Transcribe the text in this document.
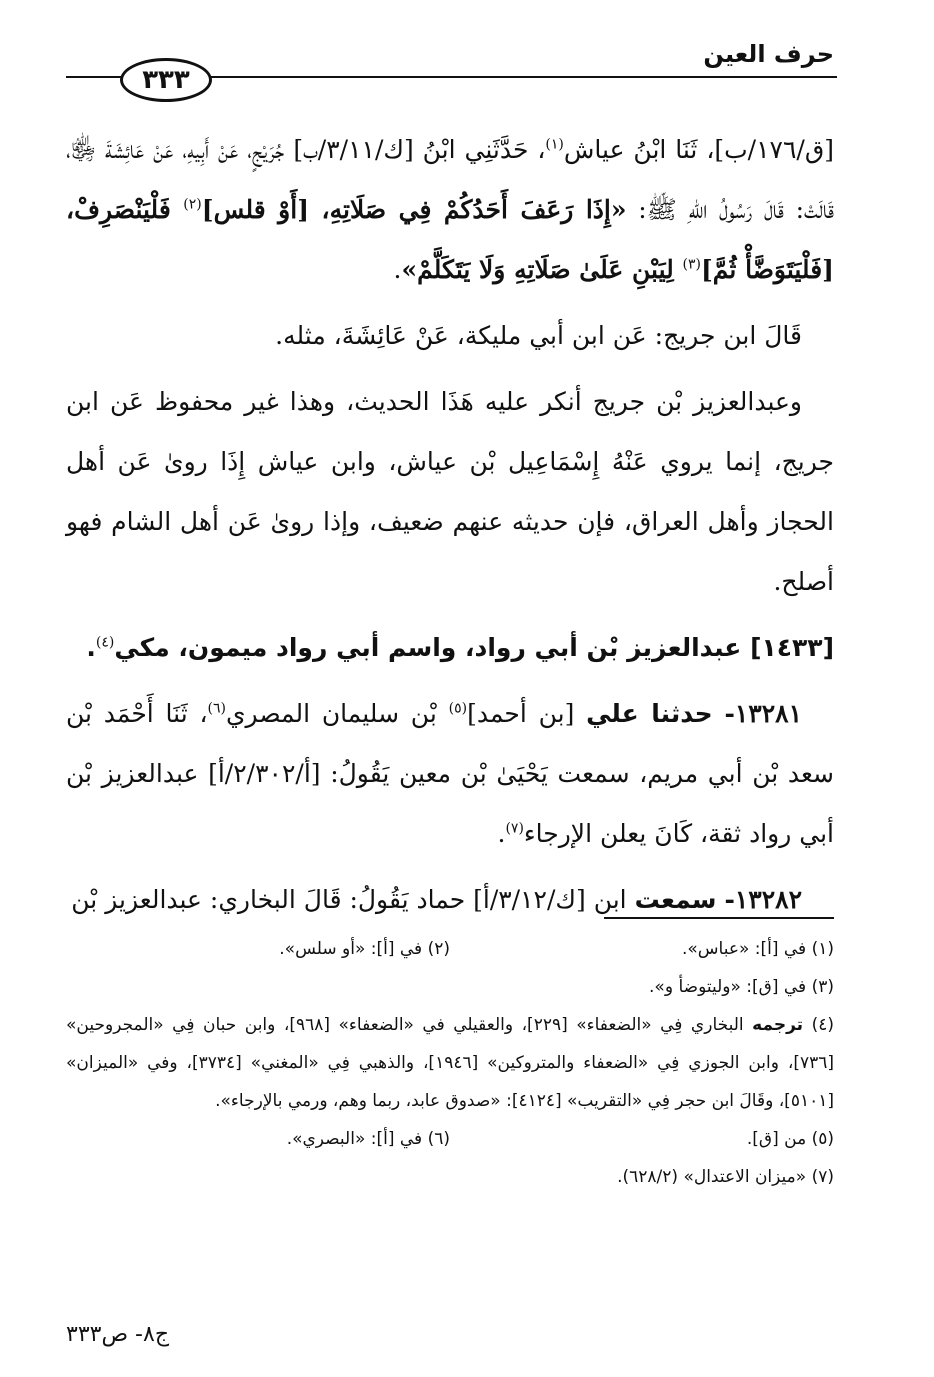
حرف العين
٣٣٣

[ق/١٧٦/ب]، ثَنَا ابْنُ عياش$^{(١)}$، حَدَّثَنِي ابْنُ [ك/٣/١١/ب] جُرَيْجٍ، عَنْ أَبِيهِ، عَنْ عَائِشَةَ ﵂، قَالَتْ: قَالَ رَسُولُ اللهِ ﷺ: «إِذَا رَعَفَ أَحَدُكُمْ فِي صَلَاتِهِ، [أَوْ قلس]$^{(٢)}$ فَلْيَنْصَرِفْ، [فَلْيَتَوَضَّأْ ثُمَّ]$^{(٣)}$ لِيَبْنِ عَلَىٰ صَلَاتِهِ وَلَا يَتَكَلَّمْ».

قَالَ ابن جريج: عَن ابن أبي مليكة، عَنْ عَائِشَةَ، مثله.

وعبدالعزيز بْن جريج أنكر عليه هَذَا الحديث، وهذا غير محفوظ عَن ابن جريج، إنما يروي عَنْهُ إِسْمَاعِيل بْن عياش، وابن عياش إِذَا روىٰ عَن أهل الحجاز وأهل العراق، فإن حديثه عنهم ضعيف، وإذا روىٰ عَن أهل الشام فهو أصلح.

[١٤٣٣] عبدالعزيز بْن أبي رواد، واسم أبي رواد ميمون، مكي$^{(٤)}$.

١٣٢٨١- حدثنا علي [بن أحمد]$^{(٥)}$ بْن سليمان المصري$^{(٦)}$، ثَنَا أَحْمَد بْن سعد بْن أبي مريم، سمعت يَحْيَىٰ بْن معين يَقُولُ: [أ/٢/٣٠٢/أ] عبدالعزيز بْن أبي رواد ثقة، كَانَ يعلن الإرجاء$^{(٧)}$.

١٣٢٨٢- سمعت ابن [ك/٣/١٢/أ] حماد يَقُولُ: قَالَ البخاري: عبدالعزيز بْن

(١) في [أ]: «عباس».
(٢) في [أ]: «أو سلس».
(٣) في [ق]: «وليتوضأ و».
(٤) ترجمه البخاري فِي «الضعفاء» [٢٢٩]، والعقيلي في «الضعفاء» [٩٦٨]، وابن حبان فِي «المجروحين» [٧٣٦]، وابن الجوزي فِي «الضعفاء والمتروكين» [١٩٤٦]، والذهبي فِي «المغني» [٣٧٣٤]، وفي «الميزان» [٥١٠١]، وقَالَ ابن حجر فِي «التقريب» [٤١٢٤]: «صدوق عابد، ربما وهم، ورمي بالإرجاء».
(٥) من [ق].
(٦) في [أ]: «البصري».
(٧) «ميزان الاعتدال» (٦٢٨/٢).
ج٨- ص٣٣٣
